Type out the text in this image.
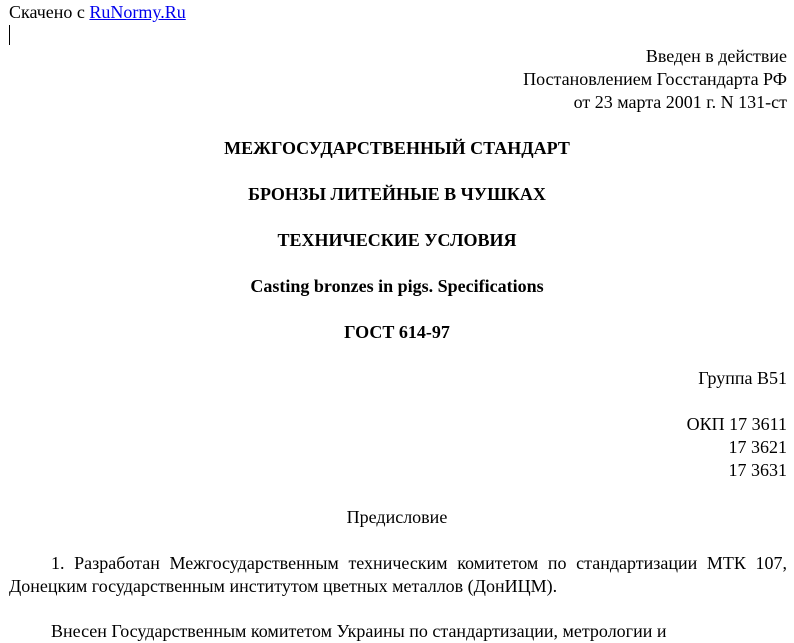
Скачено с RuNormy.Ru
Введен в действие
Постановлением Госстандарта РФ
от 23 марта 2001 г. N 131-ст
МЕЖГОСУДАРСТВЕННЫЙ СТАНДАРТ
БРОНЗЫ ЛИТЕЙНЫЕ В ЧУШКАХ
ТЕХНИЧЕСКИЕ УСЛОВИЯ
Casting bronzes in pigs. Specifications
ГОСТ 614-97
Группа В51
ОКП 17 3611
17 3621
17 3631
Предисловие
1. Разработан Межгосударственным техническим комитетом по стандартизации МТК 107, Донецким государственным институтом цветных металлов (ДонИЦМ).
Внесен Государственным комитетом Украины по стандартизации, метрологии и
